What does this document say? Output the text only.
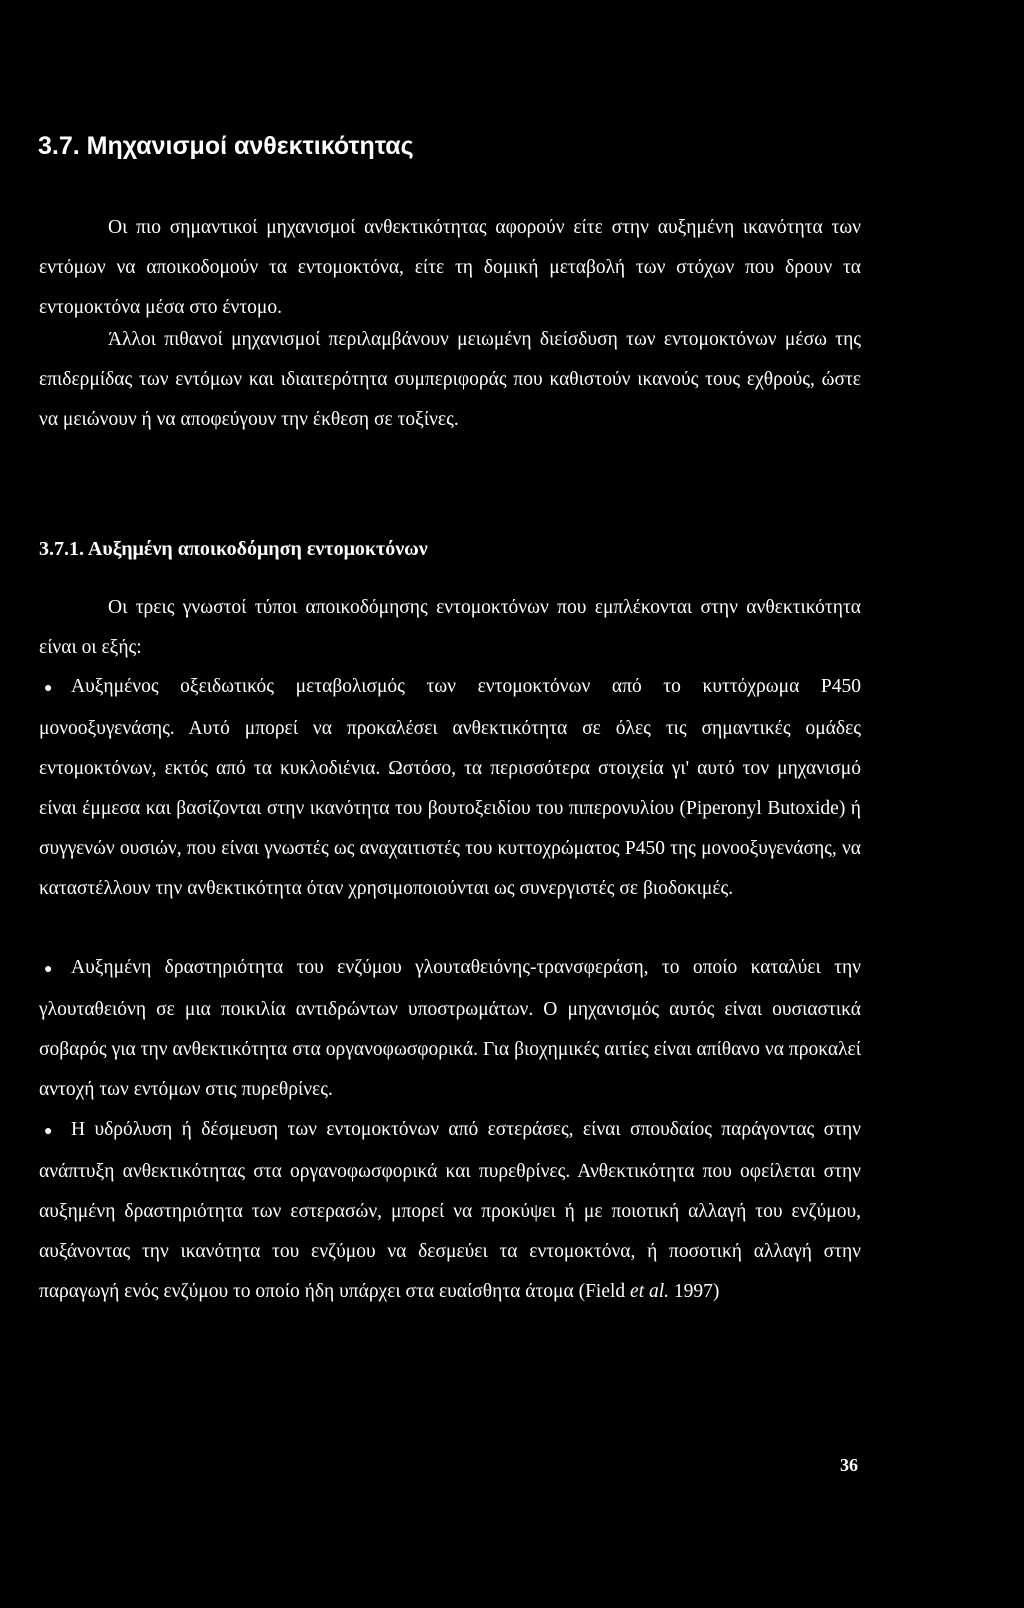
3.7. Μηχανισμοί ανθεκτικότητας

Οι πιο σημαντικοί μηχανισμοί ανθεκτικότητας αφορούν είτε στην αυξημένη ικανότητα των εντόμων να αποικοδομούν τα εντομοκτόνα, είτε τη δομική μεταβολή των στόχων που δρουν τα εντομοκτόνα μέσα στο έντομο.

Άλλοι πιθανοί μηχανισμοί περιλαμβάνουν μειωμένη διείσδυση των εντομοκτόνων μέσω της επιδερμίδας των εντόμων και ιδιαιτερότητα συμπεριφοράς που καθιστούν ικανούς τους εχθρούς, ώστε να μειώνουν ή να αποφεύγουν την έκθεση σε τοξίνες.

3.7.1. Αυξημένη αποικοδόμηση εντομοκτόνων

Οι τρεις γνωστοί τύποι αποικοδόμησης εντομοκτόνων που εμπλέκονται στην ανθεκτικότητα είναι οι εξής:

● Αυξημένος οξειδωτικός μεταβολισμός των εντομοκτόνων από το κυττόχρωμα P450 μονοοξυγενάσης. Αυτό μπορεί να προκαλέσει ανθεκτικότητα σε όλες τις σημαντικές ομάδες εντομοκτόνων, εκτός από τα κυκλοδιένια. Ωστόσο, τα περισσότερα στοιχεία γι' αυτό τον μηχανισμό είναι έμμεσα και βασίζονται στην ικανότητα του βουτοξειδίου του πιπερονυλίου (Piperonyl Butoxide) ή συγγενών ουσιών, που είναι γνωστές ως αναχαιτιστές του κυττοχρώματος P450 της μονοοξυγενάσης, να καταστέλλουν την ανθεκτικότητα όταν χρησιμοποιούνται ως συνεργιστές σε βιοδοκιμές.

● Αυξημένη δραστηριότητα του ενζύμου γλουταθειόνης-τρανσφεράση, το οποίο καταλύει την γλουταθειόνη σε μια ποικιλία αντιδρώντων υποστρωμάτων. Ο μηχανισμός αυτός είναι ουσιαστικά σοβαρός για την ανθεκτικότητα στα οργανοφωσφορικά. Για βιοχημικές αιτίες είναι απίθανο να προκαλεί αντοχή των εντόμων στις πυρεθρίνες.

● Η υδρόλυση ή δέσμευση των εντομοκτόνων από εστεράσες, είναι σπουδαίος παράγοντας στην ανάπτυξη ανθεκτικότητας στα οργανοφωσφορικά και πυρεθρίνες. Ανθεκτικότητα που οφείλεται στην αυξημένη δραστηριότητα των εστερασών, μπορεί να προκύψει ή με ποιοτική αλλαγή του ενζύμου, αυξάνοντας την ικανότητα του ενζύμου να δεσμεύει τα εντομοκτόνα, ή ποσοτική αλλαγή στην παραγωγή ενός ενζύμου το οποίο ήδη υπάρχει στα ευαίσθητα άτομα (Field et al. 1997)

36
